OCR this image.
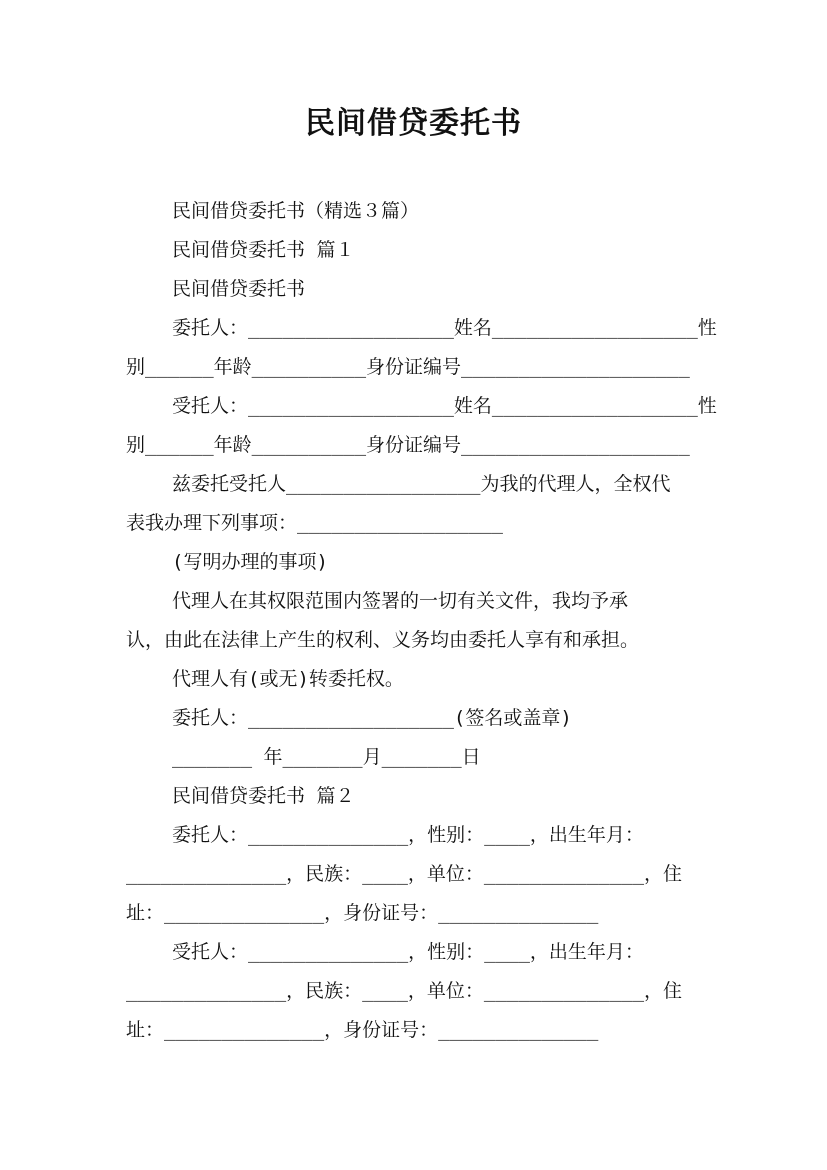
民间借贷委托书
民间借贷委托书（精选３篇）
民间借贷委托书 篇１
民间借贷委托书
委托人：__________________姓名__________________性
别______年龄__________身份证编号____________________
受托人：__________________姓名__________________性
别______年龄__________身份证编号____________________
兹委托受托人_________________为我的代理人，全权代
表我办理下列事项：__________________
(写明办理的事项)
代理人在其权限范围内签署的一切有关文件，我均予承
认，由此在法律上产生的权利、义务均由委托人享有和承担。
代理人有(或无)转委托权。
委托人：__________________(签名或盖章)
_______ 年_______月_______日
民间借贷委托书 篇２
委托人：______________，性别：____，出生年月：
______________，民族：____，单位：______________，住
址：______________，身份证号：______________
受托人：______________，性别：____，出生年月：
______________，民族：____，单位：______________，住
址：______________，身份证号：______________
